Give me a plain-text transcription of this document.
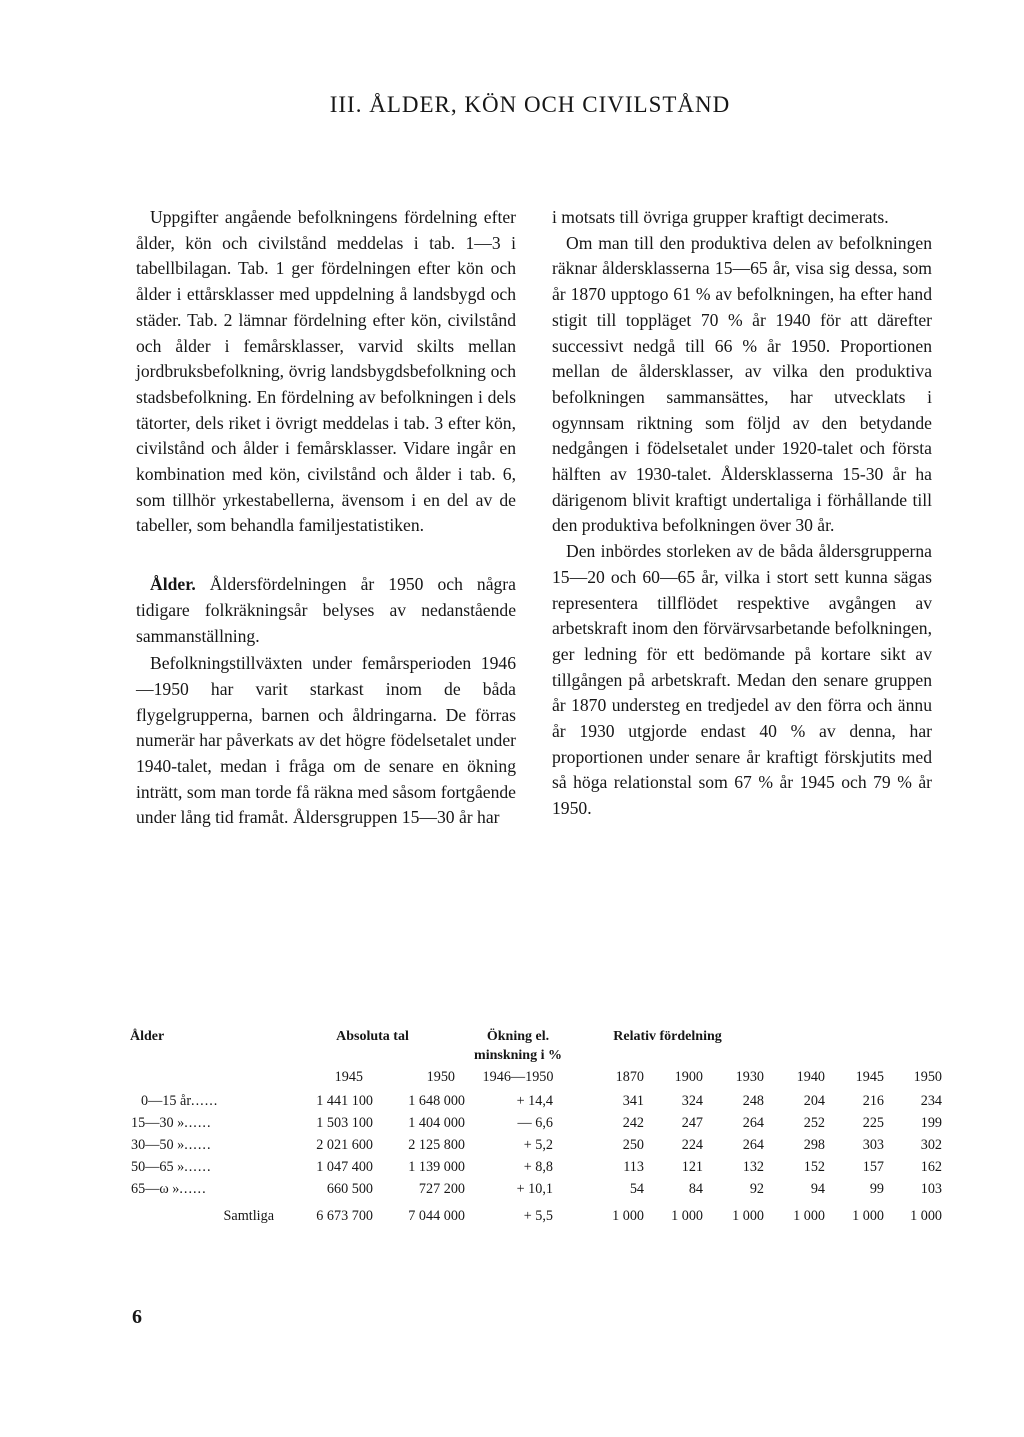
III. ÅLDER, KÖN OCH CIVILSTÅND

Uppgifter angående befolkningens fördelning efter ålder, kön och civilstånd meddelas i tab. 1—3 i tabellbilagan. Tab. 1 ger fördelningen efter kön och ålder i ettårsklasser med uppdelning å landsbygd och städer. Tab. 2 lämnar fördelning efter kön, civilstånd och ålder i femårsklasser, varvid skilts mellan jordbruksbefolkning, övrig landsbygdsbefolkning och stadsbefolkning. En fördelning av befolkningen i dels tätorter, dels riket i övrigt meddelas i tab. 3 efter kön, civilstånd och ålder i femårsklasser. Vidare ingår en kombination med kön, civilstånd och ålder i tab. 6, som tillhör yrkestabellerna, ävensom i en del av de tabeller, som behandla familjestatistiken.

Ålder. Åldersfördelningen år 1950 och några tidigare folkräkningsår belyses av nedanstående sammanställning.

Befolkningstillväxten under femårsperioden 1946—1950 har varit starkast inom de båda flygelgrupperna, barnen och åldringarna. De förras numerär har påverkats av det högre födelsetalet under 1940-talet, medan i fråga om de senare en ökning inträtt, som man torde få räkna med såsom fortgående under lång tid framåt. Åldersgruppen 15—30 år har

i motsats till övriga grupper kraftigt decimerats.

Om man till den produktiva delen av befolkningen räknar åldersklasserna 15—65 år, visa sig dessa, som år 1870 upptogo 61 % av befolkningen, ha efter hand stigit till toppläget 70 % år 1940 för att därefter successivt nedgå till 66 % år 1950. Proportionen mellan de åldersklasser, av vilka den produktiva befolkningen sammansättes, har utvecklats i ogynnsam riktning som följd av den betydande nedgången i födelsetalet under 1920-talet och första hälften av 1930-talet. Åldersklasserna 15-30 år ha därigenom blivit kraftigt undertaliga i förhållande till den produktiva befolkningen över 30 år.

Den inbördes storleken av de båda åldersgrupperna 15—20 och 60—65 år, vilka i stort sett kunna sägas representera tillflödet respektive avgången av arbetskraft inom den förvärvsarbetande befolkningen, ger ledning för ett bedömande på kortare sikt av tillgången på arbetskraft. Medan den senare gruppen år 1870 understeg en tredjedel av den förra och ännu år 1930 utgjorde endast 40 % av denna, har proportionen under senare år kraftigt förskjutits med så höga relationstal som 67 % år 1945 och 79 % år 1950.

Ålder	Absoluta tal		Ökning el.	Relativ fördelning					
			minskning i %						
	1945	1950	1946—1950	1870	1900	1930	1940	1945	1950
0—15 år......	1 441 100	1 648 000	+ 14,4	341	324	248	204	216	234
15—30 »......	1 503 100	1 404 000	— 6,6	242	247	264	252	225	199
30—50 »......	2 021 600	2 125 800	+ 5,2	250	224	264	298	303	302
50—65 »......	1 047 400	1 139 000	+ 8,8	113	121	132	152	157	162
65—ω »......	660 500	727 200	+ 10,1	54	84	92	94	99	103
Samtliga	6 673 700	7 044 000	+ 5,5	1 000	1 000	1 000	1 000	1 000	1 000
6
